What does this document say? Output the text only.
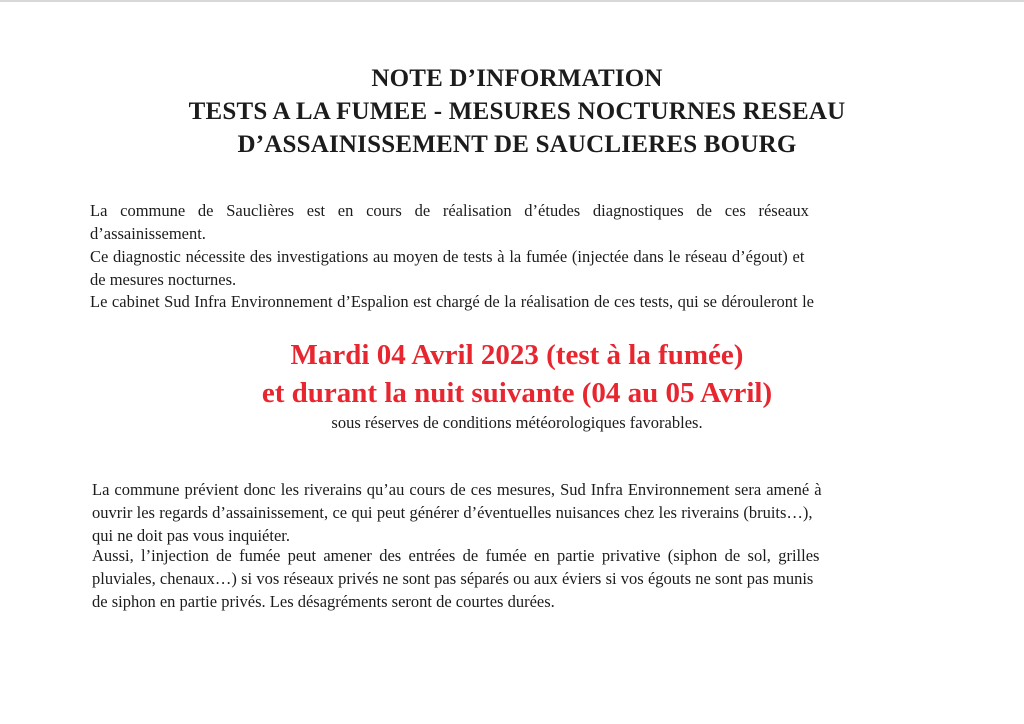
NOTE D’INFORMATION
TESTS A LA FUMEE - MESURES NOCTURNES RESEAU
D’ASSAINISSEMENT DE SAUCLIERES BOURG
La commune de Sauclières est en cours de réalisation d’études diagnostiques de ces réseaux
d’assainissement.
Ce diagnostic nécessite des investigations au moyen de tests à la fumée (injectée dans le réseau d’égout) et
de mesures nocturnes.
Le cabinet Sud Infra Environnement d’Espalion est chargé de la réalisation de ces tests, qui se dérouleront le
Mardi 04 Avril 2023 (test à la fumée)
et durant la nuit suivante (04 au 05 Avril)
sous réserves de conditions météorologiques favorables.
La commune prévient donc les riverains qu’au cours de ces mesures, Sud Infra Environnement sera amené à
ouvrir les regards d’assainissement, ce qui peut générer d’éventuelles nuisances chez les riverains (bruits…),
qui ne doit pas vous inquiéter.
Aussi, l’injection de fumée peut amener des entrées de fumée en partie privative (siphon de sol, grilles
pluviales, chenaux…) si vos réseaux privés ne sont pas séparés ou aux éviers si vos égouts ne sont pas munis
de siphon en partie privés. Les désagréments seront de courtes durées.
